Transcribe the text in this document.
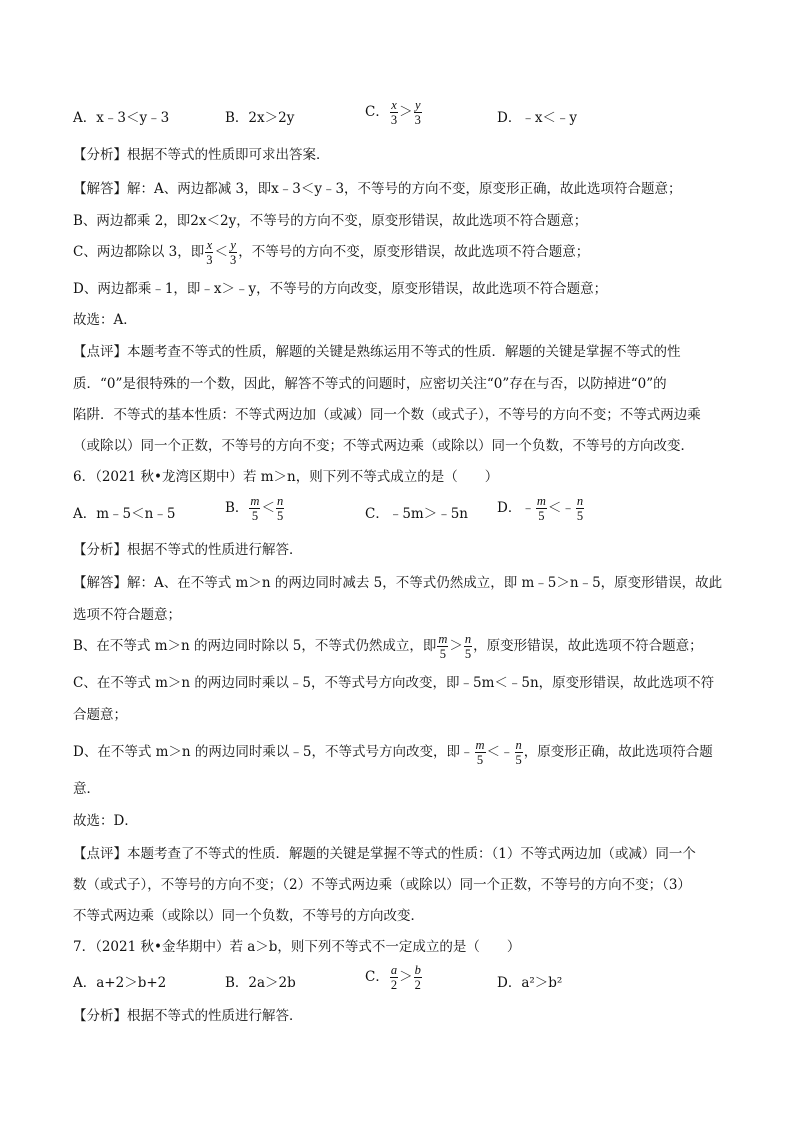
A．x﹣3＜y﹣3	B．2x＞2y	C． $\frac{x}{3} > \frac{y}{3}$	D．﹣x＜﹣y
【分析】根据不等式的性质即可求出答案．
【解答】解：A、两边都减 3，即x﹣3＜y﹣3，不等号的方向不变，原变形正确，故此选项符合题意；
B、两边都乘 2，即2x＜2y，不等号的方向不变，原变形错误，故此选项不符合题意；
C、两边都除以 3，即 $\frac{x}{3} < \frac{y}{3}$ ，不等号的方向不变，原变形错误，故此选项不符合题意；
D、两边都乘﹣1，即﹣x＞﹣y，不等号的方向改变，原变形错误，故此选项不符合题意；
故选：A．
【点评】本题考查不等式的性质，解题的关键是熟练运用不等式的性质．解题的关键是掌握不等式的性
质．“0”是很特殊的一个数，因此，解答不等式的问题时，应密切关注“0”存在与否，以防掉进“0”的
陷阱．不等式的基本性质：不等式两边加（或减）同一个数（或式子），不等号的方向不变；不等式两边乘
（或除以）同一个正数，不等号的方向不变；不等式两边乘（或除以）同一个负数，不等号的方向改变．
6．（2021 秋•龙湾区期中）若 m＞n，则下列不等式成立的是（　　）
A．m﹣5＜n﹣5	B． $\frac{m}{5} < \frac{n}{5}$	C．﹣5m＞﹣5n D．﹣ $\frac{m}{5}$ ＜﹣ $\frac{n}{5}$
【分析】根据不等式的性质进行解答．
【解答】解：A、在不等式 m＞n 的两边同时减去 5，不等式仍然成立，即 m﹣5＞n﹣5，原变形错误，故此
选项不符合题意；
B、在不等式 m＞n 的两边同时除以 5，不等式仍然成立，即 $\frac{m}{5} > \frac{n}{5}$ ，原变形错误，故此选项不符合题意；
C、在不等式 m＞n 的两边同时乘以﹣5，不等式号方向改变，即﹣5m＜﹣5n，原变形错误，故此选项不符
合题意；
D、在不等式 m＞n 的两边同时乘以﹣5，不等式号方向改变，即﹣ $\frac{m}{5}$ ＜﹣ $\frac{n}{5}$ ，原变形正确，故此选项符合题
意．
故选：D．
【点评】本题考查了不等式的性质．解题的关键是掌握不等式的性质：（1）不等式两边加（或减）同一个
数（或式子），不等号的方向不变；（2）不等式两边乘（或除以）同一个正数，不等号的方向不变；（3）
不等式两边乘（或除以）同一个负数，不等号的方向改变．
7．（2021 秋•金华期中）若 a＞b，则下列不等式不一定成立的是（　　）
A．a+2＞b+2	B．2a＞2b	C． $\frac{a}{2} > \frac{b}{2}$	D．a²＞b²
【分析】根据不等式的性质进行解答．
